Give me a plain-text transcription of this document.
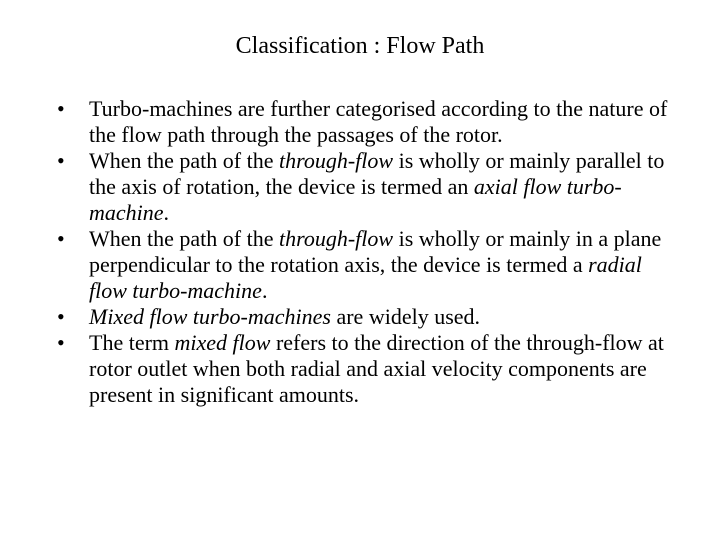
Classification : Flow Path
•	Turbo-machines are further categorised according to the nature of the flow path through the passages of the rotor.
•	When the path of the through-flow is wholly or mainly parallel to the axis of rotation, the device is termed an axial flow turbo-machine.
•	When the path of the through-flow is wholly or mainly in a plane perpendicular to the rotation axis, the device is termed a radial flow turbo-machine.
•	Mixed flow turbo-machines are widely used.
•	The term mixed flow refers to the direction of the through-flow at rotor outlet when both radial and axial velocity components are present in significant amounts.
